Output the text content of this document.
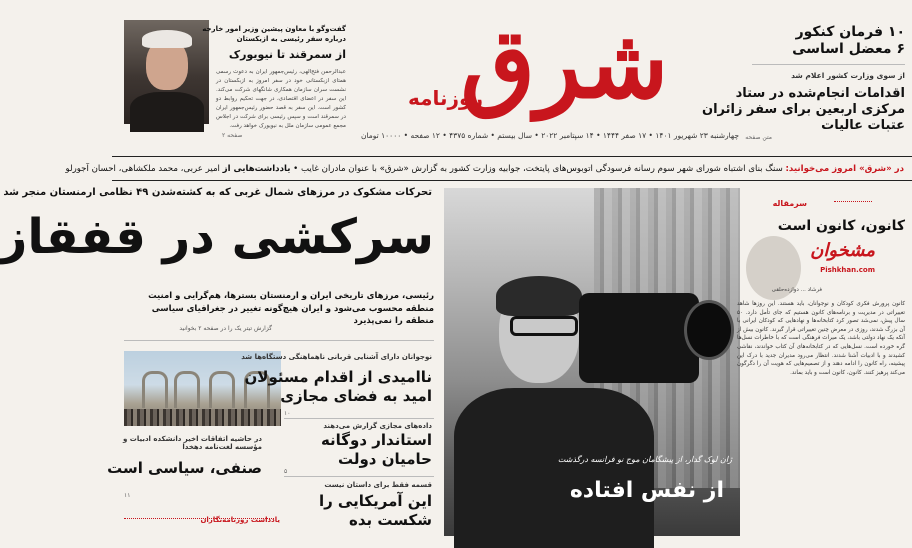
شرق
روزنامه
چهارشنبه ۲۳ شهریور ۱۴۰۱ • ۱۷ صفر ۱۴۴۴ • ۱۴ سپتامبر ۲۰۲۲ • سال بیستم • شماره ۴۳۷۵ • ۱۲ صفحه • ۱۰۰۰۰ تومان
۱۰ فرمان کنکور
۶ معضل اساسی
از سوی وزارت کشور اعلام شد
اقدامات انجام‌شده در ستاد
مرکزی اربعین برای سفر زائران
عتبات عالیات
متن صفحه
گفت‌وگو با معاون پیشین وزیر امور خارجه
درباره سفر رئیسی به ازبکستان
از سمرقند تا نیویورک
عبدالرحمن فتح‌الهی، رئیس‌جمهور ایران به دعوت رسمی همتای ازبکستانی خود در سفر امروز به ازبکستان در نشست سران سازمان همکاری شانگهای شرکت می‌کند. این سفر در اعضای اقتصادی، در جهت تحکیم روابط دو کشور است. این سفر به قصد حضور رئیس‌جمهور ایران در سمرقند است و سپس رئیسی برای شرکت در اجلاس مجمع عمومی سازمان ملل به نیویورک خواهد رفت.
صفحه ۲
در «شرق» امروز می‌خوانید: سنگ بنای اشتباه شورای شهر سوم رسانه فرسودگی اتوبوس‌های پایتخت، جوابیه وزارت کشور به گزارش «شرق» با عنوان مادران غایب • یادداشت‌هایی از امیر عربی، محمد ملکشاهی، احسان آجورلو
تحرکات مشکوک در مرزهای شمال غربی که به کشته‌شدن ۴۹ نظامی ارمنستان منجر شد
سرکشی در قفقاز
رئیسی، مرزهای تاریخی ایران و ارمنستان بسترها، هم‌گرایی و امنیت منطقه محسوب می‌شود و ایران هیچ‌گونه تغییر در جغرافیای سیاسی منطقه را نمی‌پذیرد
گزارش تیتر یک را در صفحه ۲ بخوانید
نوجوانان دارای آشنایی قربانی ناهماهنگی دستگاه‌ها شد
ناامیدی از اقدام مسئولان
امید به فضای مجازی
۱۰
داده‌های مجازی گزارش می‌دهند
استاندار دوگانه
حامیان دولت
در حاشیه اتفاقات اخیر دانشکده ادبیات و
مؤسسه لغت‌نامه دهخدا
صنفی، سیاسی است	۵
قسمه فقط برای داستان نیست
این آمریکایی را
شکست بده
۱۱
یادداشت روزنامه‌نگاران
ژان لوک گدار، از پیشگامان موج نو فرانسه درگذشت
از نفس افتاده
سرمقاله
کانون، کانون است
مشخوان
Pishkhan.com
فرشاد ... دوازده‌حلقی
کانون پرورش فکری کودکان و نوجوانان، باید هستند. این روزها شاهد تغییراتی در مدیریت و برنامه‌های کانون هستیم که جای تأمل دارد. ۵۰ سال پیش، نمی‌شد تصور کرد کتابخانه‌ها و نهادهایی که کودکان ایرانی با آن بزرگ شدند، روزی در معرض چنین تغییراتی قرار گیرند. کانون بیش از آنکه یک نهاد دولتی باشد، یک میراث فرهنگی است که با خاطرات نسل‌ها گره خورده است. نسل‌هایی که در کتابخانه‌های آن کتاب خواندند، نقاشی کشیدند و با ادبیات آشنا شدند. انتظار می‌رود مدیران جدید با درک این پیشینه، راه کانون را ادامه دهند و از تصمیم‌هایی که هویت آن را دگرگون می‌کند پرهیز کنند. کانون، کانون است و باید بماند.
